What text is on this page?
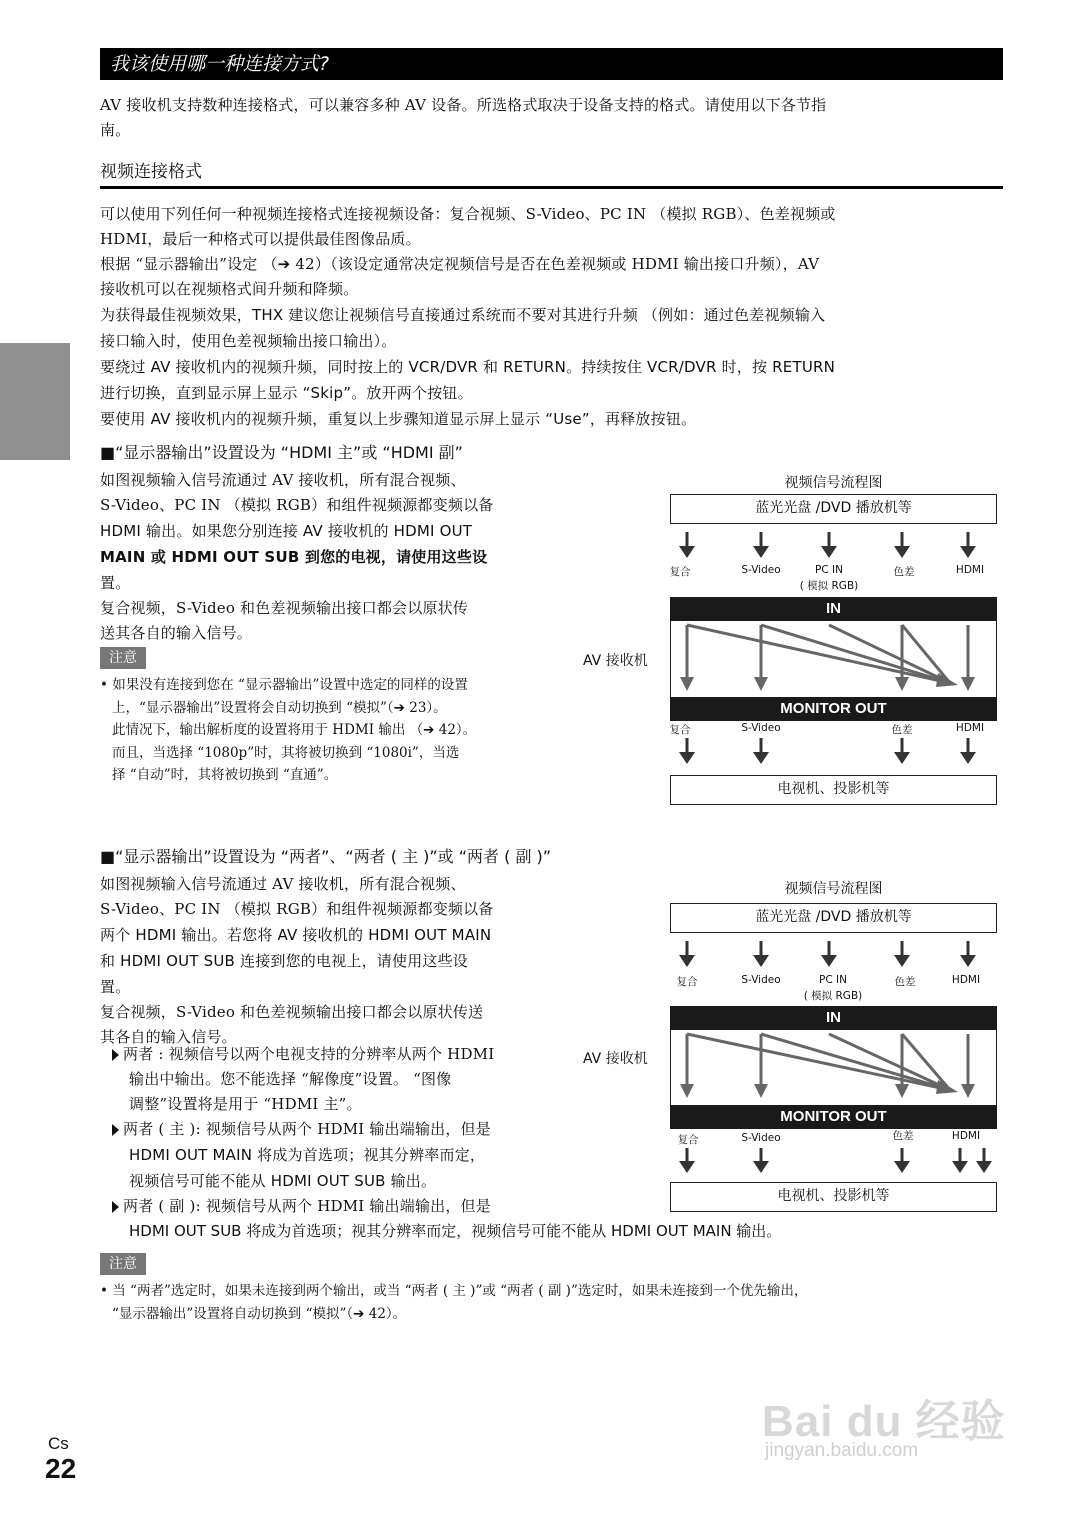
我该使用哪一种连接方式?
AV 接收机支持数种连接格式，可以兼容多种 AV 设备。所选格式取决于设备支持的格式。请使用以下各节指
南。
视频连接格式
可以使用下列任何一种视频连接格式连接视频设备：复合视频、S-Video、PC IN （模拟 RGB）、色差视频或
HDMI，最后一种格式可以提供最佳图像品质。
根据 “显示器输出”设定 （➔ 42）（该设定通常决定视频信号是否在色差视频或 HDMI 输出接口升频），AV
接收机可以在视频格式间升频和降频。
为获得最佳视频效果，THX 建议您让视频信号直接通过系统而不要对其进行升频 （例如：通过色差视频输入
接口输入时，使用色差视频输出接口输出）。
要绕过 AV 接收机内的视频升频，同时按上的 VCR/DVR 和 RETURN。持续按住 VCR/DVR 时，按 RETURN
进行切换，直到显示屏上显示 “Skip”。放开两个按钮。
要使用 AV 接收机内的视频升频，重复以上步骤知道显示屏上显示 “Use”，再释放按钮。
■“显示器输出”设置设为 “HDMI 主”或 “HDMI 副”
如图视频输入信号流通过 AV 接收机，所有混合视频、
S-Video、PC IN （模拟 RGB）和组件视频源都变频以备
HDMI 输出。如果您分别连接 AV 接收机的 HDMI OUT
MAIN 或 HDMI OUT SUB 到您的电视，请使用这些设
置。
复合视频，S-Video 和色差视频输出接口都会以原状传
送其各自的输入信号。
注意
• 如果没有连接到您在 “显示器输出”设置中选定的同样的设置
上，“显示器输出”设置将会自动切换到 “模拟”（➔ 23）。
此情况下，输出解析度的设置将用于 HDMI 输出 （➔ 42）。
而且，当选择 “1080p”时，其将被切换到 “1080i”，当选
择 “自动”时，其将被切换到 “直通”。
视频信号流程图
蓝光光盘 /DVD 播放机等
复合	S-Video	PC IN
( 模拟 RGB)
色差	HDMI
IN
MONITOR OUT
AV 接收机
复合	S-Video	色差	HDMI
电视机、投影机等
■“显示器输出”设置设为 “两者”、“两者 ( 主 )”或 “两者 ( 副 )”
如图视频输入信号流通过 AV 接收机，所有混合视频、
S-Video、PC IN （模拟 RGB）和组件视频源都变频以备
两个 HDMI 输出。若您将 AV 接收机的 HDMI OUT MAIN
和 HDMI OUT SUB 连接到您的电视上，请使用这些设
置。
复合视频，S-Video 和色差视频输出接口都会以原状传送
其各自的输入信号。
两者 : 视频信号以两个电视支持的分辨率从两个 HDMI
输出中输出。您不能选择 “解像度”设置。 “图像
调整”设置将是用于 “HDMI 主”。
两者 ( 主 ): 视频信号从两个 HDMI 输出端输出，但是
HDMI OUT MAIN 将成为首选项；视其分辨率而定，
视频信号可能不能从 HDMI OUT SUB 输出。
两者 ( 副 ): 视频信号从两个 HDMI 输出端输出，但是
HDMI OUT SUB 将成为首选项；视其分辨率而定，视频信号可能不能从 HDMI OUT MAIN 输出。
注意
• 当 “两者”选定时，如果未连接到两个输出，或当 “两者 ( 主 )”或 “两者 ( 副 )”选定时，如果未连接到一个优先输出，
“显示器输出”设置将自动切换到 “模拟”（➔ 42）。
视频信号流程图
蓝光光盘 /DVD 播放机等
复合	S-Video	PC IN
( 模拟 RGB)
色差	HDMI
IN
MONITOR OUT
AV 接收机
复合	S-Video	色差	HDMI
电视机、投影机等
Cs
22
Bai du 经验
jingyan.baidu.com
